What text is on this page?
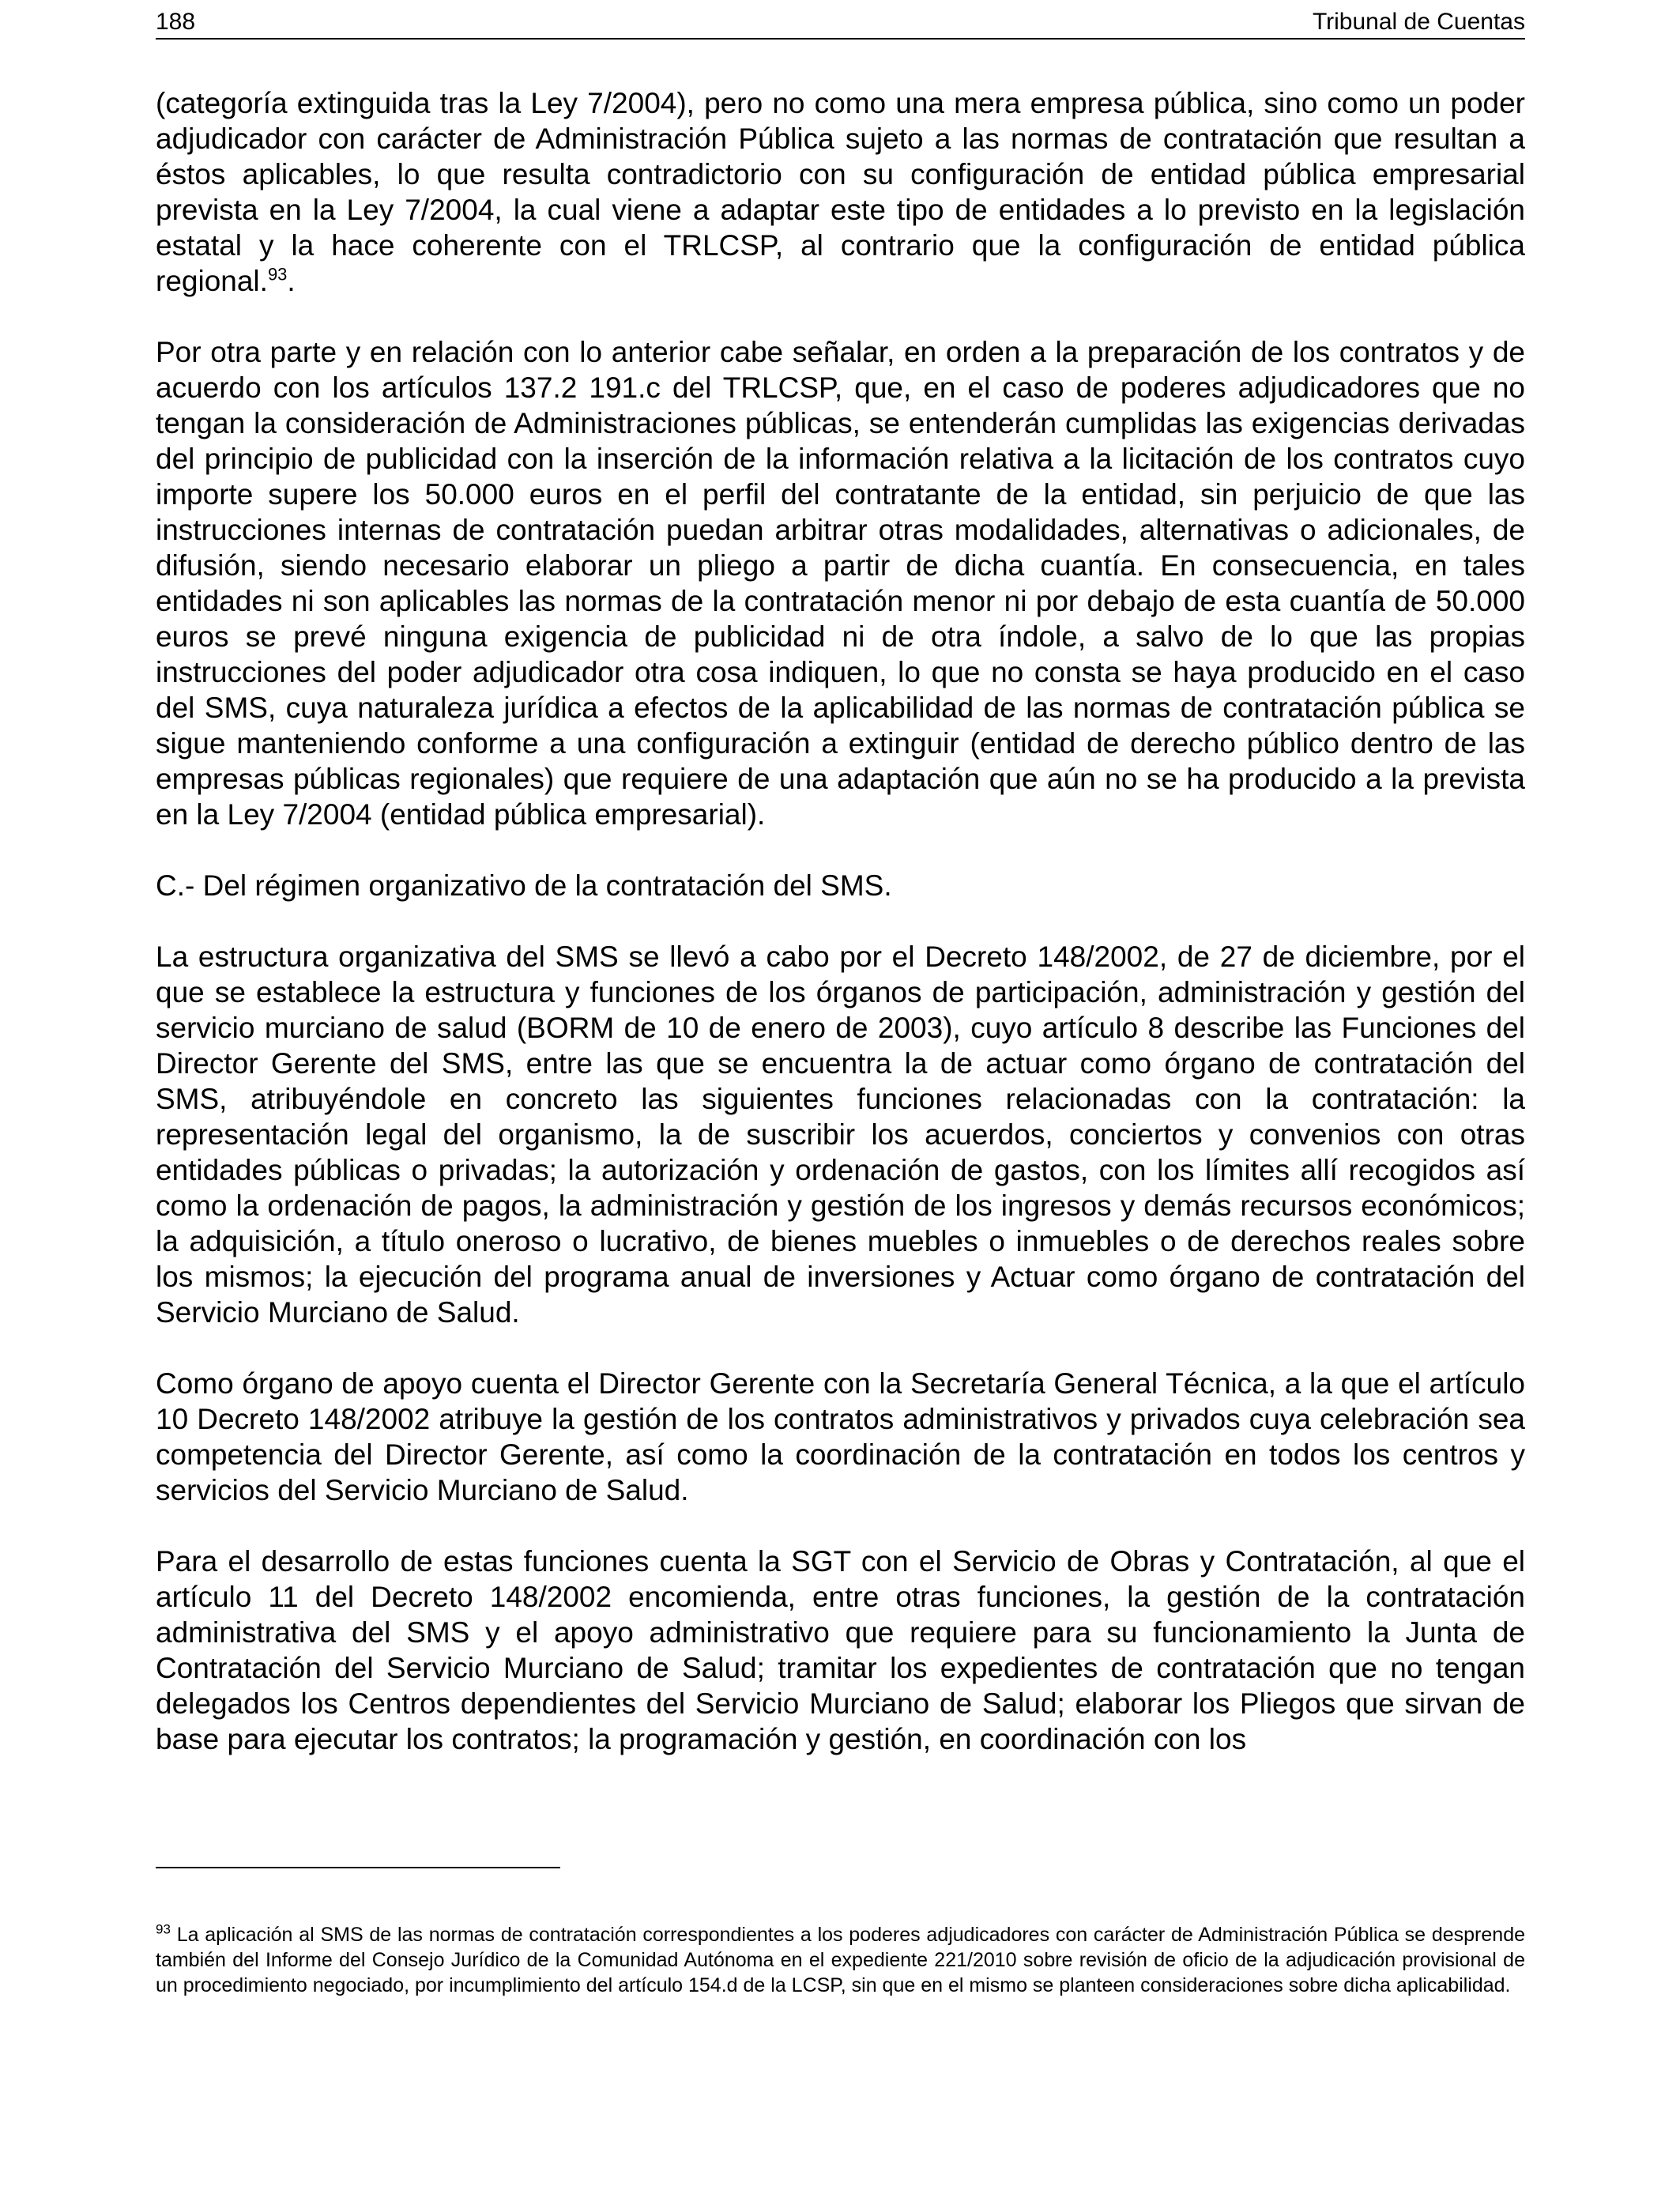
188	Tribunal de Cuentas

(categoría extinguida tras la Ley 7/2004), pero no como una mera empresa pública, sino como un poder adjudicador con carácter de Administración Pública sujeto a las normas de contratación que resultan a éstos aplicables, lo que resulta contradictorio con su configuración de entidad pública empresarial prevista en la Ley 7/2004, la cual viene a adaptar este tipo de entidades a lo previsto en la legislación estatal y la hace coherente con el TRLCSP, al contrario que la configuración de entidad pública regional.$^{93}$.

Por otra parte y en relación con lo anterior cabe señalar, en orden a la preparación de los contratos y de acuerdo con los artículos 137.2 191.c del TRLCSP, que, en el caso de poderes adjudicadores que no tengan la consideración de Administraciones públicas, se entenderán cumplidas las exigencias derivadas del principio de publicidad con la inserción de la información relativa a la licitación de los contratos cuyo importe supere los 50.000 euros en el perfil del contratante de la entidad, sin perjuicio de que las instrucciones internas de contratación puedan arbitrar otras modalidades, alternativas o adicionales, de difusión, siendo necesario elaborar un pliego a partir de dicha cuantía. En consecuencia, en tales entidades ni son aplicables las normas de la contratación menor ni por debajo de esta cuantía de 50.000 euros se prevé ninguna exigencia de publicidad ni de otra índole, a salvo de lo que las propias instrucciones del poder adjudicador otra cosa indiquen, lo que no consta se haya producido en el caso del SMS, cuya naturaleza jurídica a efectos de la aplicabilidad de las normas de contratación pública se sigue manteniendo conforme a una configuración a extinguir (entidad de derecho público dentro de las empresas públicas regionales) que requiere de una adaptación que aún no se ha producido a la prevista en la Ley 7/2004 (entidad pública empresarial).

C.- Del régimen organizativo de la contratación del SMS.

La estructura organizativa del SMS se llevó a cabo por el Decreto 148/2002, de 27 de diciembre, por el que se establece la estructura y funciones de los órganos de participación, administración y gestión del servicio murciano de salud (BORM de 10 de enero de 2003), cuyo artículo 8 describe las Funciones del Director Gerente del SMS, entre las que se encuentra la de actuar como órgano de contratación del SMS, atribuyéndole en concreto las siguientes funciones relacionadas con la contratación: la representación legal del organismo, la de suscribir los acuerdos, conciertos y convenios con otras entidades públicas o privadas; la autorización y ordenación de gastos, con los límites allí recogidos así como la ordenación de pagos, la administración y gestión de los ingresos y demás recursos económicos; la adquisición, a título oneroso o lucrativo, de bienes muebles o inmuebles o de derechos reales sobre los mismos; la ejecución del programa anual de inversiones y Actuar como órgano de contratación del Servicio Murciano de Salud.

Como órgano de apoyo cuenta el Director Gerente con la Secretaría General Técnica, a la que el artículo 10 Decreto 148/2002 atribuye la gestión de los contratos administrativos y privados cuya celebración sea competencia del Director Gerente, así como la coordinación de la contratación en todos los centros y servicios del Servicio Murciano de Salud.

Para el desarrollo de estas funciones cuenta la SGT con el Servicio de Obras y Contratación, al que el artículo 11 del Decreto 148/2002 encomienda, entre otras funciones, la gestión de la contratación administrativa del SMS y el apoyo administrativo que requiere para su funcionamiento la Junta de Contratación del Servicio Murciano de Salud; tramitar los expedientes de contratación que no tengan delegados los Centros dependientes del Servicio Murciano de Salud; elaborar los Pliegos que sirvan de base para ejecutar los contratos; la programación y gestión, en coordinación con los

$^{93}$ La aplicación al SMS de las normas de contratación correspondientes a los poderes adjudicadores con carácter de Administración Pública se desprende también del Informe del Consejo Jurídico de la Comunidad Autónoma en el expediente 221/2010 sobre revisión de oficio de la adjudicación provisional de un procedimiento negociado, por incumplimiento del artículo 154.d de la LCSP, sin que en el mismo se planteen consideraciones sobre dicha aplicabilidad.
